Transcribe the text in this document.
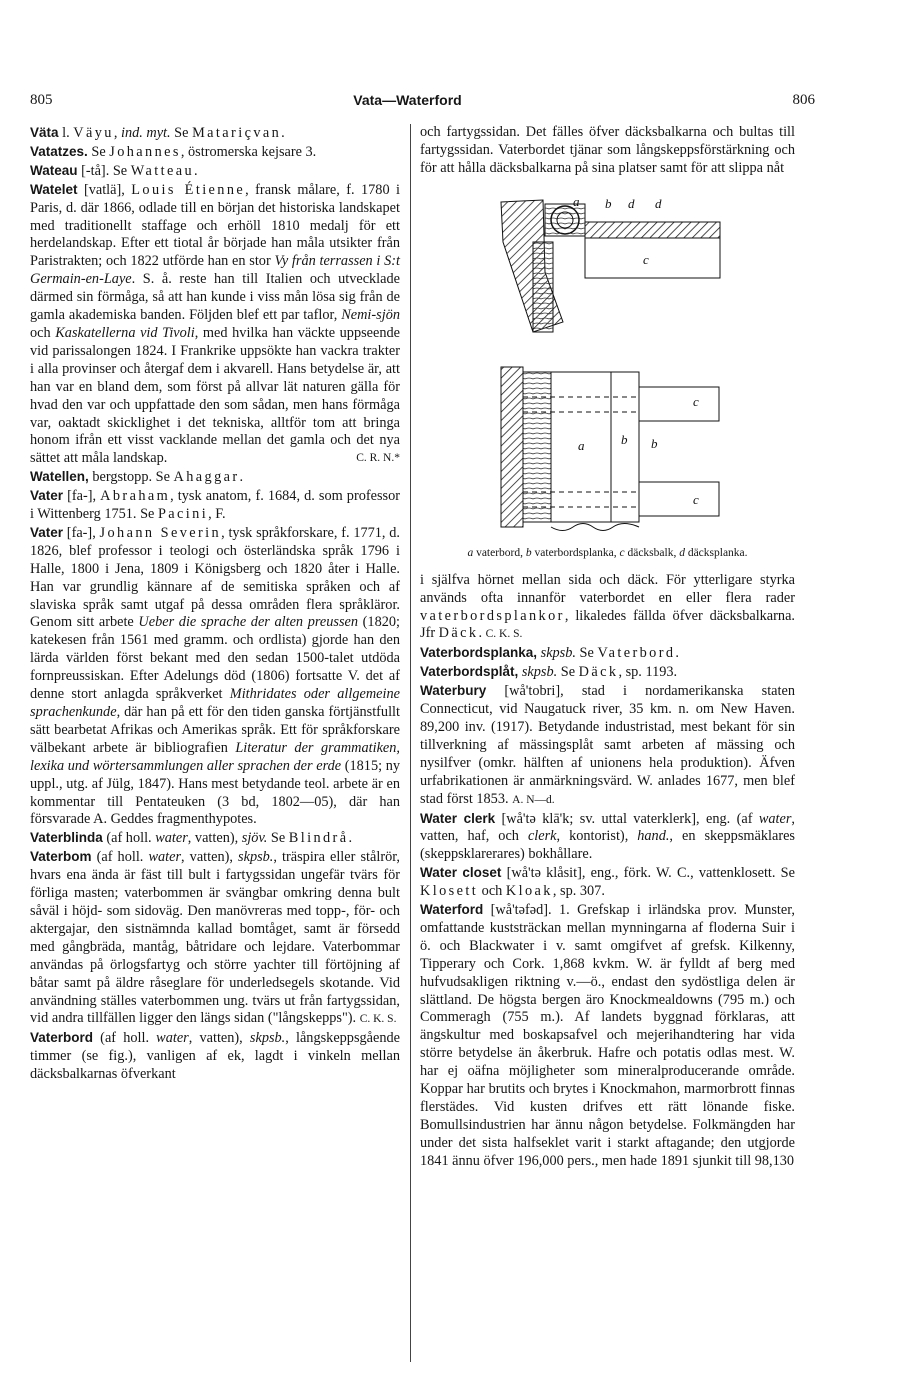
805	Vata—Waterford	806

Väta l. Väyu, ind. myt. Se Matariçvan.

Vatatzes. Se Johannes, östromerska kejsare 3.

Wateau [-tå]. Se Watteau.

Watelet [vatlä], Louis Étienne, fransk målare, f. 1780 i Paris, d. där 1866, odlade till en början det historiska landskapet med traditionellt staffage och erhöll 1810 medalj för ett herdelandskap. Efter ett tiotal år började han måla utsikter från Paristrakten; och 1822 utförde han en stor Vy från terrassen i S:t Germain-en-Laye. S. å. reste han till Italien och utvecklade därmed sin förmåga, så att han kunde i viss mån lösa sig från de gamla akademiska banden. Följden blef ett par taflor, Nemi-sjön och Kaskatellerna vid Tivoli, med hvilka han väckte uppseende vid parissalongen 1824. I Frankrike uppsökte han vackra trakter i alla provinser och återgaf dem i akvarell. Hans betydelse är, att han var en bland dem, som först på allvar lät naturen gälla för hvad den var och uppfattade den som sådan, men hans förmåga var, oaktadt skicklighet i det tekniska, alltför tom att bringa honom ifrån ett visst vacklande mellan det gamla och det nya sättet att måla landskap.	C. R. N.*

Watellen, bergstopp. Se Ahaggar.

Vater [fa-], Abraham, tysk anatom, f. 1684, d. som professor i Wittenberg 1751. Se Pacini, F.

Vater [fa-], Johann Severin, tysk språkforskare, f. 1771, d. 1826, blef professor i teologi och österländska språk 1796 i Halle, 1800 i Jena, 1809 i Königsberg och 1820 åter i Halle. Han var grundlig kännare af de semitiska språken och af slaviska språk samt utgaf på dessa områden flera språkläror. Genom sitt arbete Ueber die sprache der alten preussen (1820; katekesen från 1561 med gramm. och ordlista) gjorde han den lärda världen först bekant med den sedan 1500-talet utdöda fornpreussiskan. Efter Adelungs död (1806) fortsatte V. det af denne stort anlagda språkverket Mithridates oder allgemeine sprachenkunde, där han på ett för den tiden ganska förtjänstfullt sätt bearbetat Afrikas och Amerikas språk. Ett för språkforskare välbekant arbete är bibliografien Literatur der grammatiken, lexika und wörtersammlungen aller sprachen der erde (1815; ny uppl., utg. af Jülg, 1847). Hans mest betydande teol. arbete är en kommentar till Pentateuken (3 bd, 1802—05), där han försvarade A. Geddes fragmenthypotes.

Vaterblinda (af holl. water, vatten), sjöv. Se Blindrå.

Vaterbom (af holl. water, vatten), skpsb., träspira eller stålrör, hvars ena ända är fäst till bult i fartygssidan ungefär tvärs för förliga masten; vaterbommen är svängbar omkring denna bult såväl i höjd- som sidoväg. Den manövreras med topp-, för- och aktergajar, den sistnämnda kallad bomtåget, samt är försedd med gångbräda, mantåg, båtridare och lejdare. Vaterbommar användas på örlogsfartyg och större yachter till förtöjning af båtar samt på äldre råseglare för underledsegels skotande. Vid användning ställes vaterbommen ung. tvärs ut från fartygssidan, vid andra tillfällen ligger den längs sidan ("långskepps"). C. K. S.

Vaterbord (af holl. water, vatten), skpsb., långskeppsgående timmer (se fig.), vanligen af ek, lagdt i vinkeln mellan däcksbalkarnas öfverkant

och fartygssidan. Det fälles öfver däcksbalkarna och bultas till fartygssidan. Vaterbordet tjänar som långskeppsförstärkning och för att hålla däcksbalkarna på sina platser samt för att slippa nåt

a b d d
c
a	b b
c
c

a vaterbord, b vaterbordsplanka, c däcksbalk, d däcksplanka.

i själfva hörnet mellan sida och däck. För ytterligare styrka används ofta innanför vaterbordet en eller flera rader vaterbordsplankor, likaledes fällda öfver däcksbalkarna. Jfr Däck. C. K. S.

Vaterbordsplanka, skpsb. Se Vaterbord.

Vaterbordsplåt, skpsb. Se Däck, sp. 1193.

Waterbury [wå'tobri], stad i nordamerikanska staten Connecticut, vid Naugatuck river, 35 km. n. om New Haven. 89,200 inv. (1917). Betydande industristad, mest bekant för sin tillverkning af mässingsplåt samt arbeten af mässing och nysilfver (omkr. hälften af unionens hela produktion). Äfven urfabrikationen är anmärkningsvärd. W. anlades 1677, men blef stad först 1853. A. N—d.

Water clerk [wå'tə klā'k; sv. uttal vaterklerk], eng. (af water, vatten, haf, och clerk, kontorist), hand., en skeppsmäklares (skeppsklarerares) bokhållare.

Water closet [wå'tə klåsit], eng., förk. W. C., vattenklosett. Se Klosett och Kloak, sp. 307.

Waterford [wå'təfəd]. 1. Grefskap i irländska prov. Munster, omfattande kuststräckan mellan mynningarna af floderna Suir i ö. och Blackwater i v. samt omgifvet af grefsk. Kilkenny, Tipperary och Cork. 1,868 kvkm. W. är fylldt af berg med hufvudsakligen riktning v.—ö., endast den sydöstliga delen är slättland. De högsta bergen äro Knockmealdowns (795 m.) och Commeragh (755 m.). Af landets byggnad förklaras, att ängskultur med boskapsafvel och mejerihandtering har vida större betydelse än åkerbruk. Hafre och potatis odlas mest. W. har ej oäfna möjligheter som mineralproducerande område. Koppar har brutits och brytes i Knockmahon, marmorbrott finnas flerstädes. Vid kusten drifves ett rätt lönande fiske. Bomullsindustrien har ännu någon betydelse. Folkmängden har under det sista halfseklet varit i starkt aftagande; den utgjorde 1841 ännu öfver 196,000 pers., men hade 1891 sjunkit till 98,130
